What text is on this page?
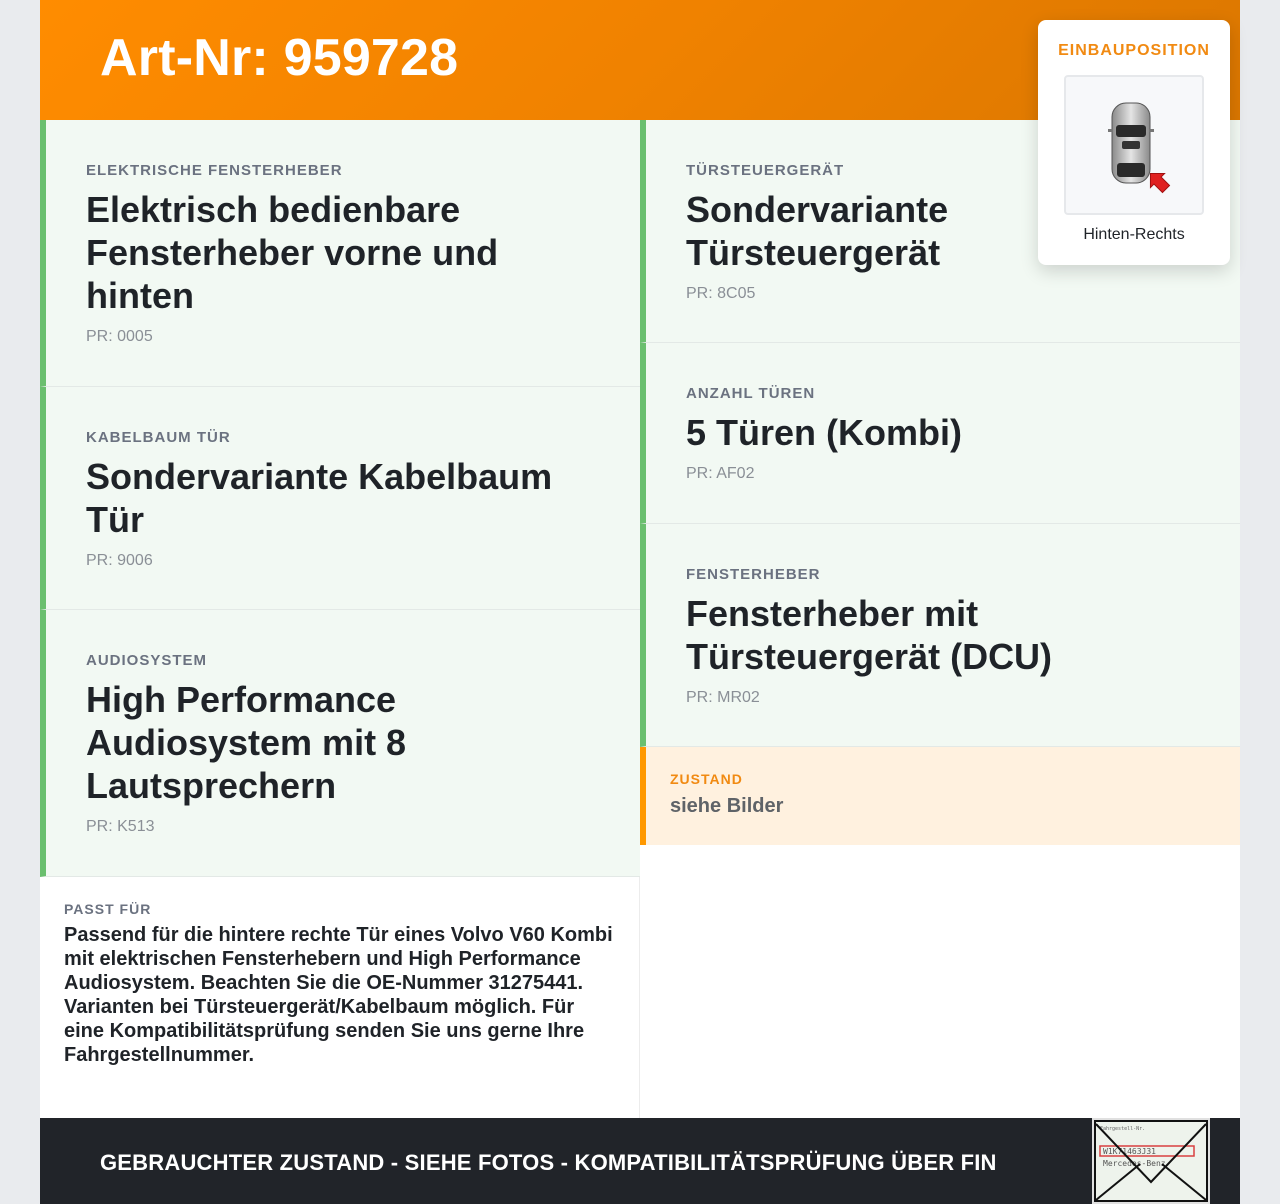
Art-Nr: 959728	EINBAUPOSITION
Hinten-Rechts
ELEKTRISCHE FENSTERHEBER
Elektrisch bedienbare Fensterheber vorne und hinten
PR: 0005
KABELBAUM TÜR
Sondervariante Kabelbaum Tür
PR: 9006
AUDIOSYSTEM
High Performance Audiosystem mit 8 Lautsprechern
PR: K513
TÜRSTEUERGERÄT
Sondervariante Türsteuergerät
PR: 8C05
ANZAHL TÜREN
5 Türen (Kombi)
PR: AF02
FENSTERHEBER
Fensterheber mit Türsteuergerät (DCU)
PR: MR02
ZUSTAND
siehe Bilder
PASST FÜR
Passend für die hintere rechte Tür eines Volvo V60 Kombi mit elektrischen Fensterhebern und High Performance Audiosystem. Beachten Sie die OE-Nummer 31275441. Varianten bei Türsteuergerät/Kabelbaum möglich. Für eine Kompatibilitätsprüfung senden Sie uns gerne Ihre Fahrgestellnummer.
GEBRAUCHTER ZUSTAND - SIEHE FOTOS - KOMPATIBILITÄTSPRÜFUNG ÜBER FIN
Fahrgestell-Nr.
W1K71463J31
Mercedes-Benz
